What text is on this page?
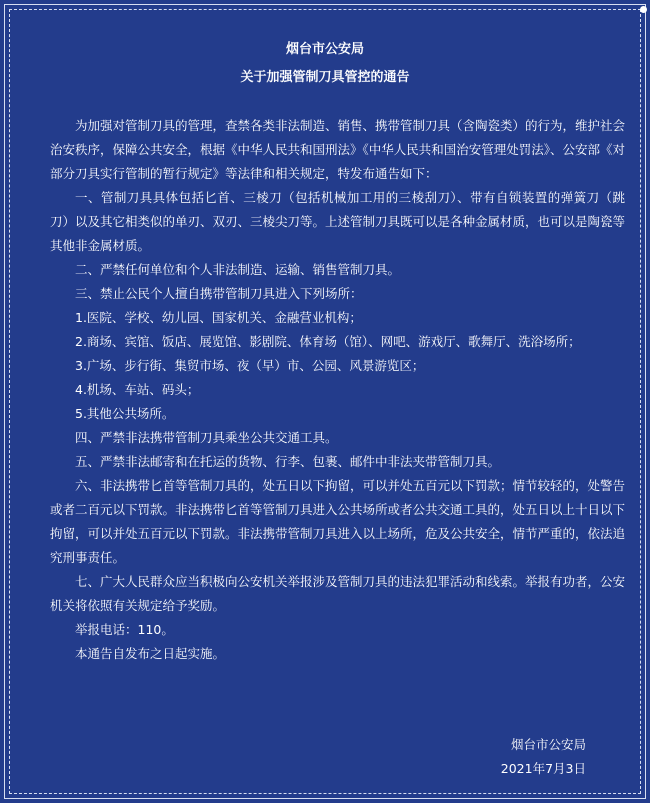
烟台市公安局
关于加强管制刀具管控的通告

为加强对管制刀具的管理，查禁各类非法制造、销售、携带管制刀具（含陶瓷类）的行为，维护社会治安秩序，保障公共安全，根据《中华人民共和国刑法》《中华人民共和国治安管理处罚法》、公安部《对部分刀具实行管制的暂行规定》等法律和相关规定，特发布通告如下：

一、管制刀具具体包括匕首、三棱刀（包括机械加工用的三棱刮刀）、带有自锁装置的弹簧刀（跳刀）以及其它相类似的单刃、双刃、三棱尖刀等。上述管制刀具既可以是各种金属材质，也可以是陶瓷等其他非金属材质。

二、严禁任何单位和个人非法制造、运输、销售管制刀具。

三、禁止公民个人擅自携带管制刀具进入下列场所：

1.医院、学校、幼儿园、国家机关、金融营业机构；

2.商场、宾馆、饭店、展览馆、影剧院、体育场（馆）、网吧、游戏厅、歌舞厅、洗浴场所；

3.广场、步行街、集贸市场、夜（早）市、公园、风景游览区；

4.机场、车站、码头；

5.其他公共场所。

四、严禁非法携带管制刀具乘坐公共交通工具。

五、严禁非法邮寄和在托运的货物、行李、包裹、邮件中非法夹带管制刀具。

六、非法携带匕首等管制刀具的，处五日以下拘留，可以并处五百元以下罚款；情节较轻的，处警告或者二百元以下罚款。非法携带匕首等管制刀具进入公共场所或者公共交通工具的，处五日以上十日以下拘留，可以并处五百元以下罚款。非法携带管制刀具进入以上场所，危及公共安全，情节严重的，依法追究刑事责任。

七、广大人民群众应当积极向公安机关举报涉及管制刀具的违法犯罪活动和线索。举报有功者，公安机关将依照有关规定给予奖励。

举报电话：110。

本通告自发布之日起实施。

烟台市公安局
2021年7月3日
